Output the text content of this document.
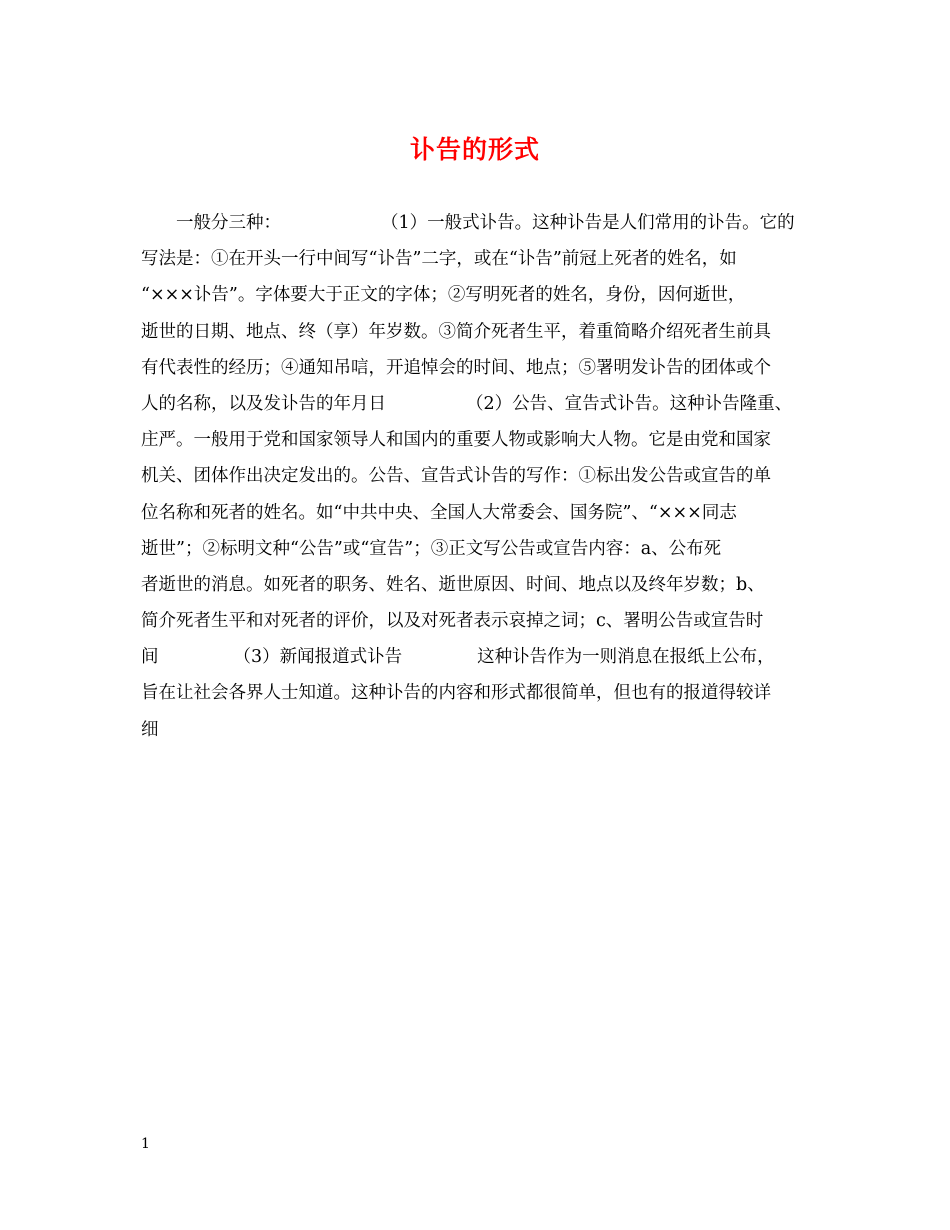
讣告的形式
一般分三种：	（1）一般式讣告。这种讣告是人们常用的讣告。它的
写法是：①在开头一行中间写“讣告”二字，或在“讣告”前冠上死者的姓名，如
“×××讣告”。字体要大于正文的字体；②写明死者的姓名，身份，因何逝世，
逝世的日期、地点、终（享）年岁数。③简介死者生平，着重简略介绍死者生前具
有代表性的经历；④通知吊唁，开追悼会的时间、地点；⑤署明发讣告的团体或个
人的名称，以及发讣告的年月日	（2）公告、宣告式讣告。这种讣告隆重、
庄严。一般用于党和国家领导人和国内的重要人物或影响大人物。它是由党和国家
机关、团体作出决定发出的。公告、宣告式讣告的写作：①标出发公告或宣告的单
位名称和死者的姓名。如“中共中央、全国人大常委会、国务院”、“×××同志
逝世”；②标明文种“公告”或“宣告”；③正文写公告或宣告内容：a、公布死
者逝世的消息。如死者的职务、姓名、逝世原因、时间、地点以及终年岁数；b、
简介死者生平和对死者的评价，以及对死者表示哀掉之词；c、署明公告或宣告时
间	（3）新闻报道式讣告	这种讣告作为一则消息在报纸上公布，
旨在让社会各界人士知道。这种讣告的内容和形式都很简单，但也有的报道得较详
细
1
